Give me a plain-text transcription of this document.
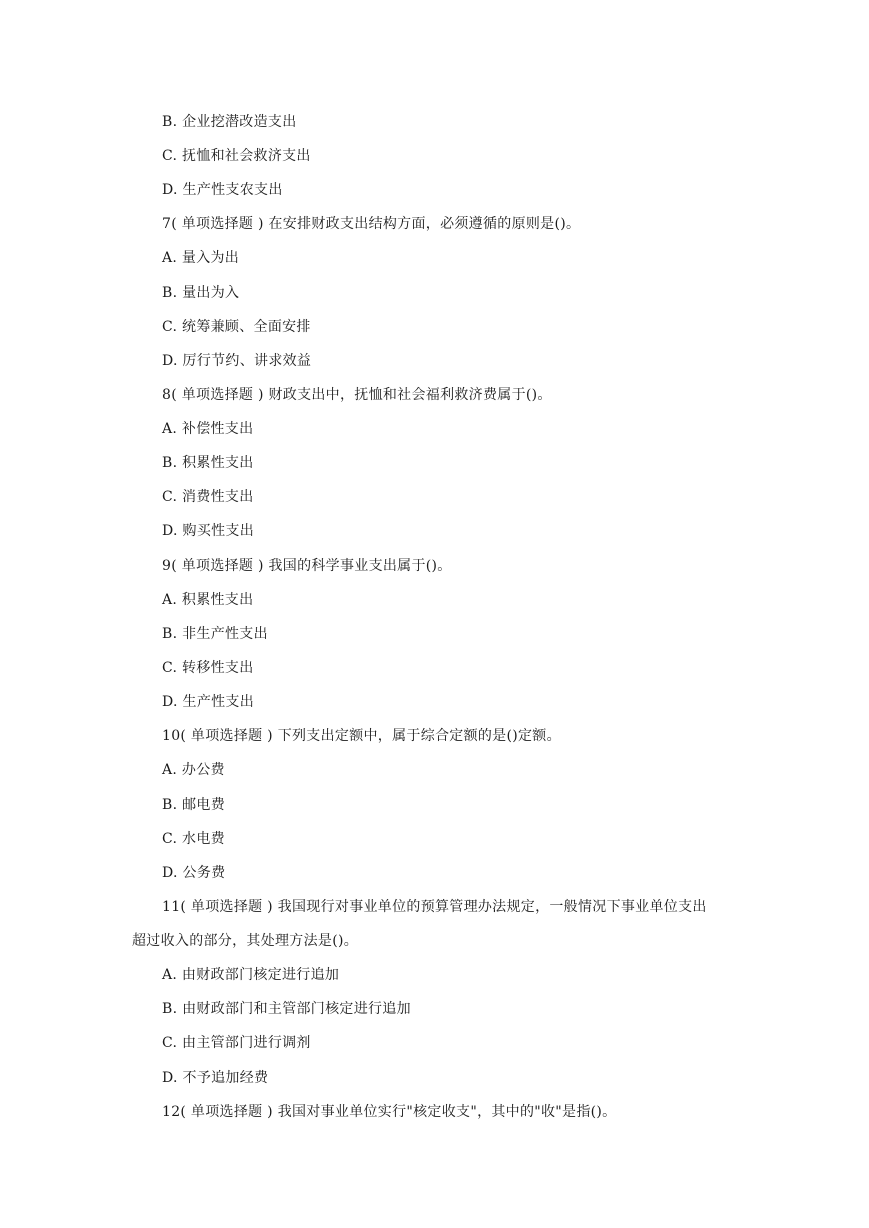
B. 企业挖潜改造支出
C. 抚恤和社会救济支出
D. 生产性支农支出
7( 单项选择题 ) 在安排财政支出结构方面，必须遵循的原则是()。
A. 量入为出
B. 量出为入
C. 统筹兼顾、全面安排
D. 厉行节约、讲求效益
8( 单项选择题 ) 财政支出中，抚恤和社会福利救济费属于()。
A. 补偿性支出
B. 积累性支出
C. 消费性支出
D. 购买性支出
9( 单项选择题 ) 我国的科学事业支出属于()。
A. 积累性支出
B. 非生产性支出
C. 转移性支出
D. 生产性支出
10( 单项选择题 ) 下列支出定额中，属于综合定额的是()定额。
A. 办公费
B. 邮电费
C. 水电费
D. 公务费
11( 单项选择题 ) 我国现行对事业单位的预算管理办法规定，一般情况下事业单位支出
超过收入的部分，其处理方法是()。
A. 由财政部门核定进行追加
B. 由财政部门和主管部门核定进行追加
C. 由主管部门进行调剂
D. 不予追加经费
12( 单项选择题 ) 我国对事业单位实行"核定收支"，其中的"收"是指()。
